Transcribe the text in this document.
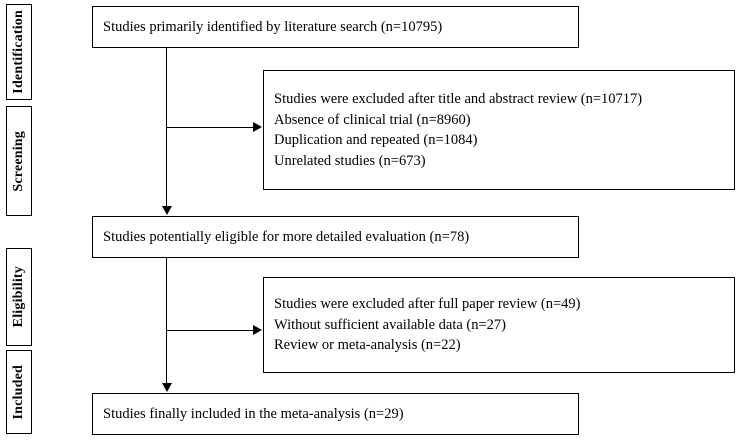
Identification
Screening
Eligibility
Included
Studies primarily identified by literature search (n=10795)
Studies were excluded after title and abstract review (n=10717)
Absence of clinical trial (n=8960)
Duplication and repeated (n=1084)
Unrelated studies (n=673)
Studies potentially eligible for more detailed evaluation (n=78)
Studies were excluded after full paper review (n=49)
Without sufficient available data (n=27)
Review or meta-analysis (n=22)
Studies finally included in the meta-analysis (n=29)
